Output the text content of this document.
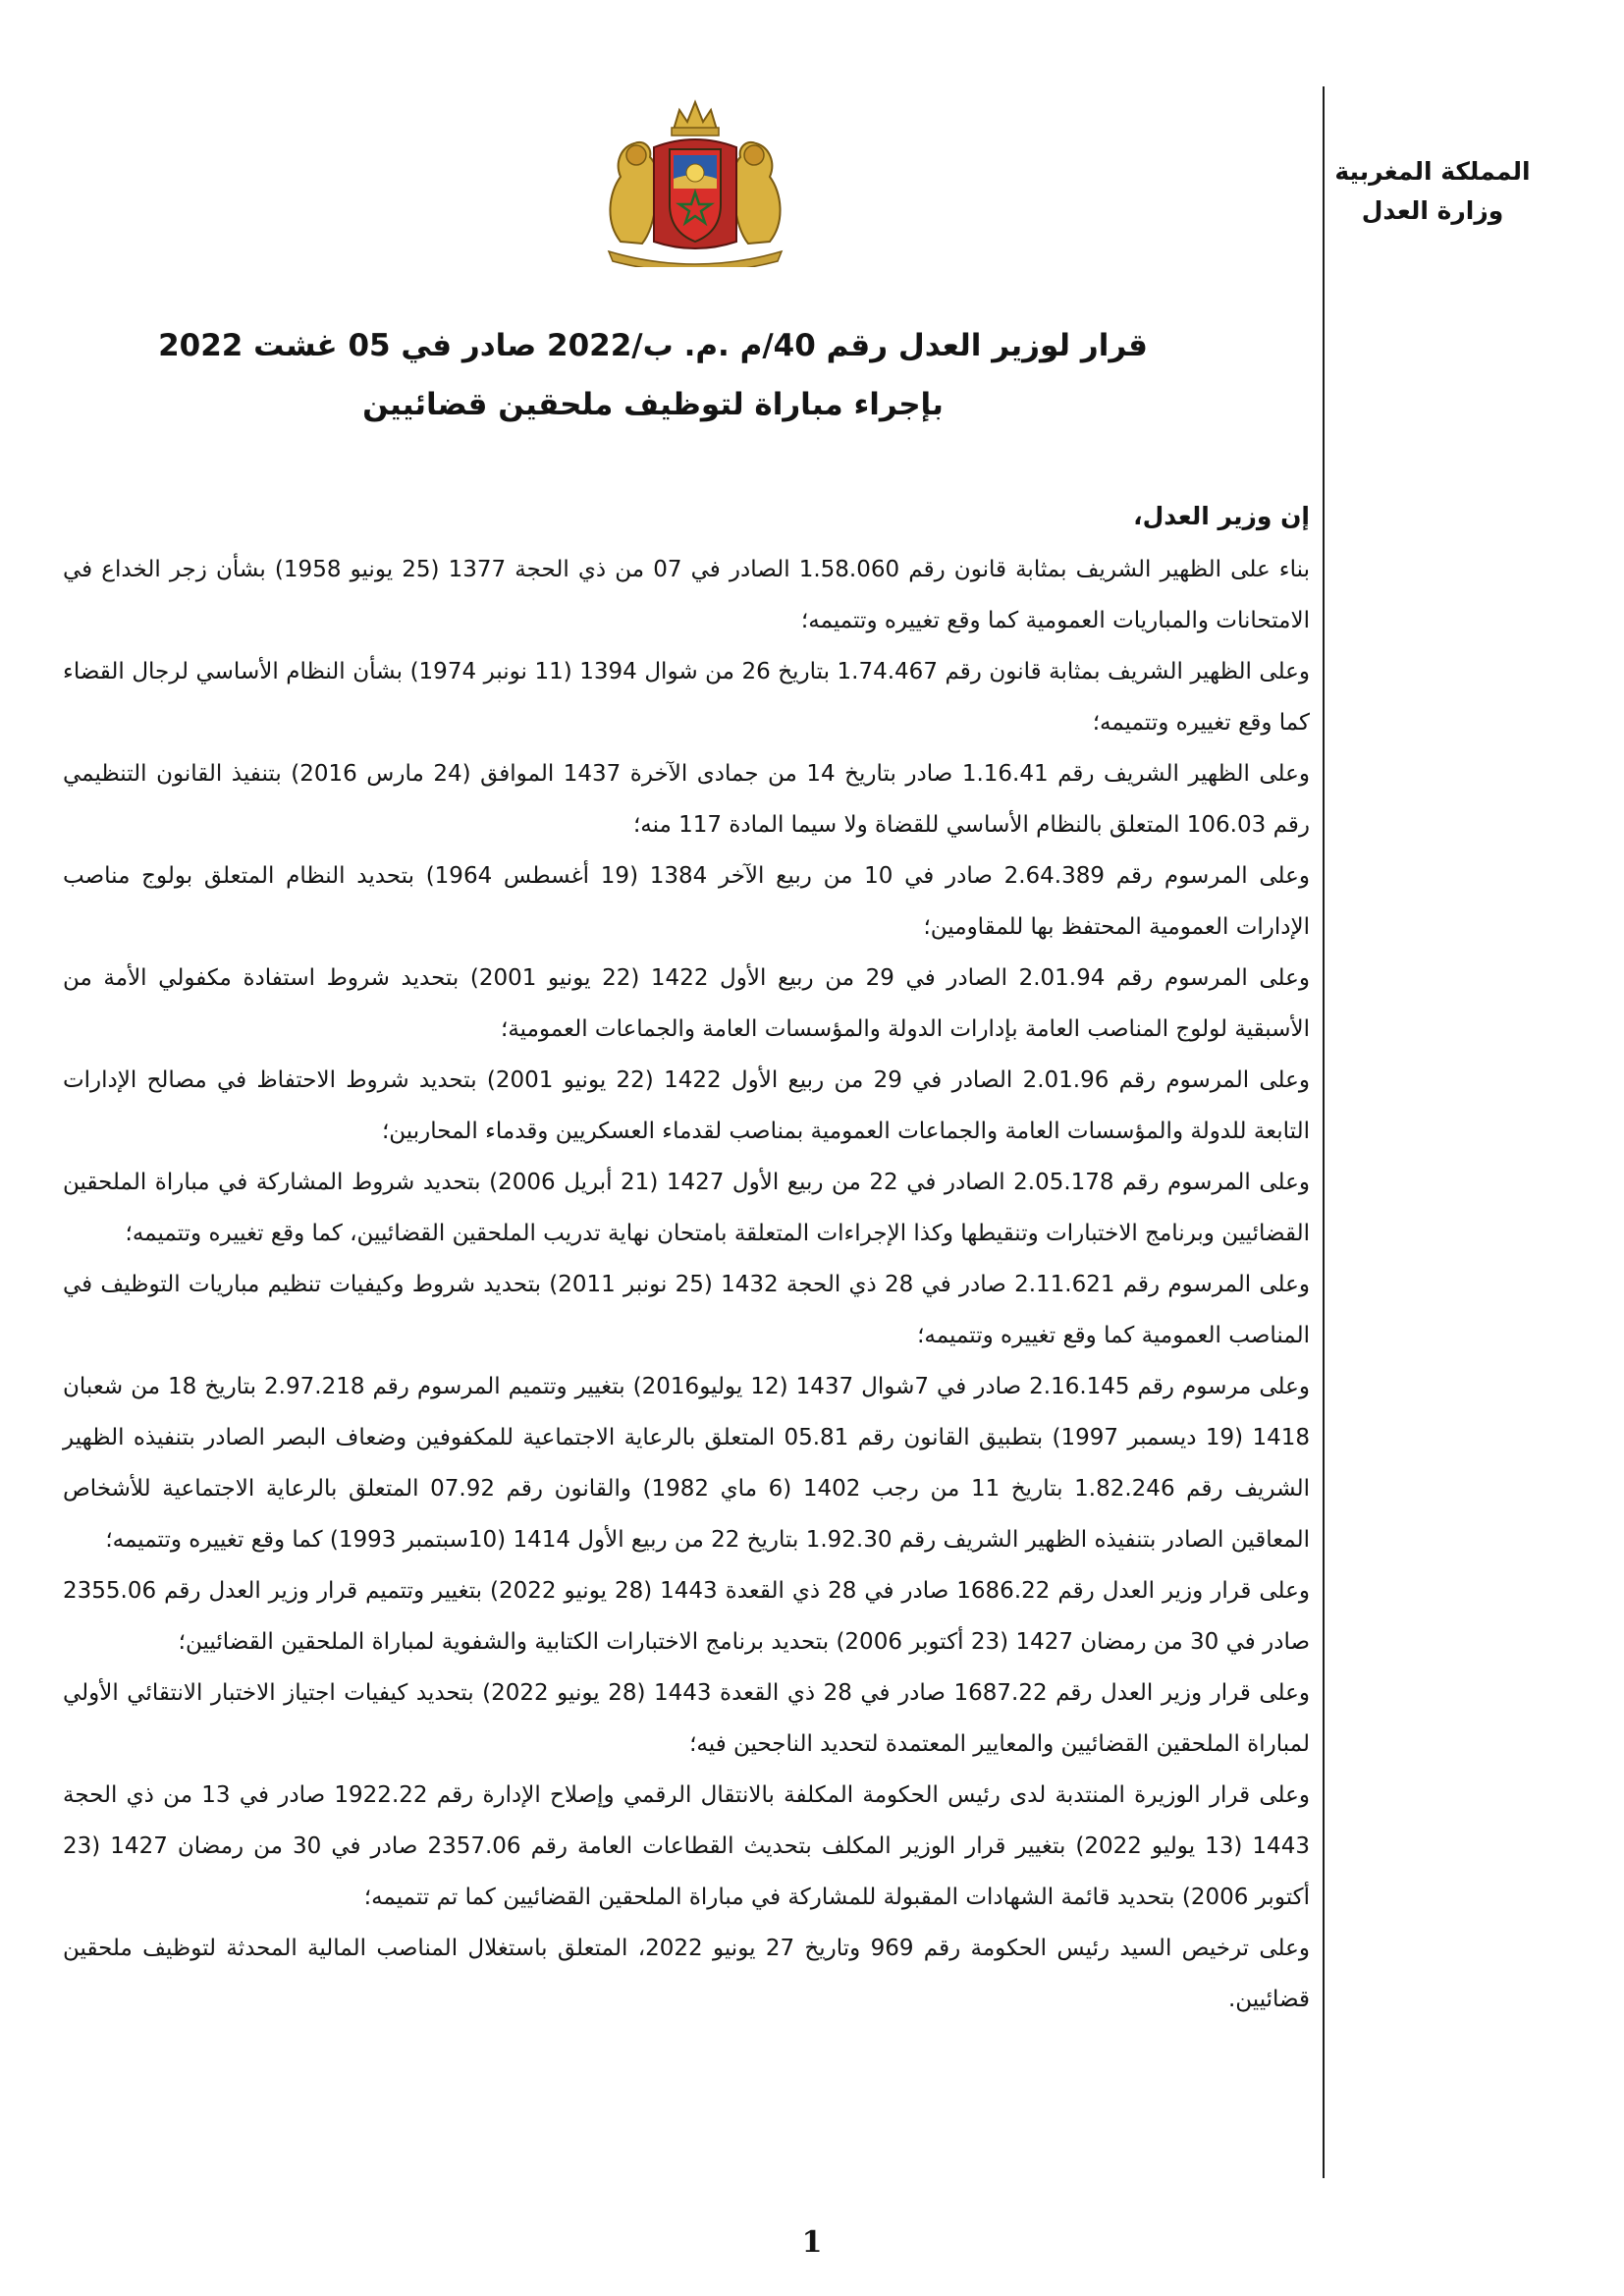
المملكة المغربية
وزارة العدل
قرار لوزير العدل رقم 40/م .م. ب/2022 صادر في 05 غشت 2022
بإجراء مباراة لتوظيف ملحقين قضائيين

إن وزير العدل،

بناء على الظهير الشريف بمثابة قانون رقم 1.58.060 الصادر في 07 من ذي الحجة 1377 (25 يونيو 1958) بشأن زجر الخداع في الامتحانات والمباريات العمومية كما وقع تغييره وتتميمه؛

وعلى الظهير الشريف بمثابة قانون رقم 1.74.467 بتاريخ 26 من شوال 1394 (11 نونبر 1974) بشأن النظام الأساسي لرجال القضاء كما وقع تغييره وتتميمه؛

وعلى الظهير الشريف رقم 1.16.41 صادر بتاريخ 14 من جمادى الآخرة 1437 الموافق (24 مارس 2016) بتنفيذ القانون التنظيمي رقم 106.03 المتعلق بالنظام الأساسي للقضاة ولا سيما المادة 117 منه؛

وعلى المرسوم رقم 2.64.389 صادر في 10 من ربيع الآخر 1384 (19 أغسطس 1964) بتحديد النظام المتعلق بولوج مناصب الإدارات العمومية المحتفظ بها للمقاومين؛

وعلى المرسوم رقم 2.01.94 الصادر في 29 من ربيع الأول 1422 (22 يونيو 2001) بتحديد شروط استفادة مكفولي الأمة من الأسبقية لولوج المناصب العامة بإدارات الدولة والمؤسسات العامة والجماعات العمومية؛

وعلى المرسوم رقم 2.01.96 الصادر في 29 من ربيع الأول 1422 (22 يونيو 2001) بتحديد شروط الاحتفاظ في مصالح الإدارات التابعة للدولة والمؤسسات العامة والجماعات العمومية بمناصب لقدماء العسكريين وقدماء المحاربين؛

وعلى المرسوم رقم 2.05.178 الصادر في 22 من ربيع الأول 1427 (21 أبريل 2006) بتحديد شروط المشاركة في مباراة الملحقين القضائيين وبرنامج الاختبارات وتنقيطها وكذا الإجراءات المتعلقة بامتحان نهاية تدريب الملحقين القضائيين، كما وقع تغييره وتتميمه؛

وعلى المرسوم رقم 2.11.621 صادر في 28 ذي الحجة 1432 (25 نونبر 2011) بتحديد شروط وكيفيات تنظيم مباريات التوظيف في المناصب العمومية كما وقع تغييره وتتميمه؛

وعلى مرسوم رقم 2.16.145 صادر في 7شوال 1437 (12 يوليو2016) بتغيير وتتميم المرسوم رقم 2.97.218 بتاريخ 18 من شعبان 1418 (19 ديسمبر 1997) بتطبيق القانون رقم 05.81 المتعلق بالرعاية الاجتماعية للمكفوفين وضعاف البصر الصادر بتنفيذه الظهير الشريف رقم 1.82.246 بتاريخ 11 من رجب 1402 (6 ماي 1982) والقانون رقم 07.92 المتعلق بالرعاية الاجتماعية للأشخاص المعاقين الصادر بتنفيذه الظهير الشريف رقم 1.92.30 بتاريخ 22 من ربيع الأول 1414 (10سبتمبر 1993) كما وقع تغييره وتتميمه؛

وعلى قرار وزير العدل رقم 1686.22 صادر في 28 ذي القعدة 1443 (28 يونيو 2022) بتغيير وتتميم قرار وزير العدل رقم 2355.06 صادر في 30 من رمضان 1427 (23 أكتوبر 2006) بتحديد برنامج الاختبارات الكتابية والشفوية لمباراة الملحقين القضائيين؛

وعلى قرار وزير العدل رقم 1687.22 صادر في 28 ذي القعدة 1443 (28 يونيو 2022) بتحديد كيفيات اجتياز الاختبار الانتقائي الأولي لمباراة الملحقين القضائيين والمعايير المعتمدة لتحديد الناجحين فيه؛

وعلى قرار الوزيرة المنتدبة لدى رئيس الحكومة المكلفة بالانتقال الرقمي وإصلاح الإدارة رقم 1922.22 صادر في 13 من ذي الحجة 1443 (13 يوليو 2022) بتغيير قرار الوزير المكلف بتحديث القطاعات العامة رقم 2357.06 صادر في 30 من رمضان 1427 (23 أكتوبر 2006) بتحديد قائمة الشهادات المقبولة للمشاركة في مباراة الملحقين القضائيين كما تم تتميمه؛

وعلى ترخيص السيد رئيس الحكومة رقم 969 وتاريخ 27 يونيو 2022، المتعلق باستغلال المناصب المالية المحدثة لتوظيف ملحقين قضائيين.

1
